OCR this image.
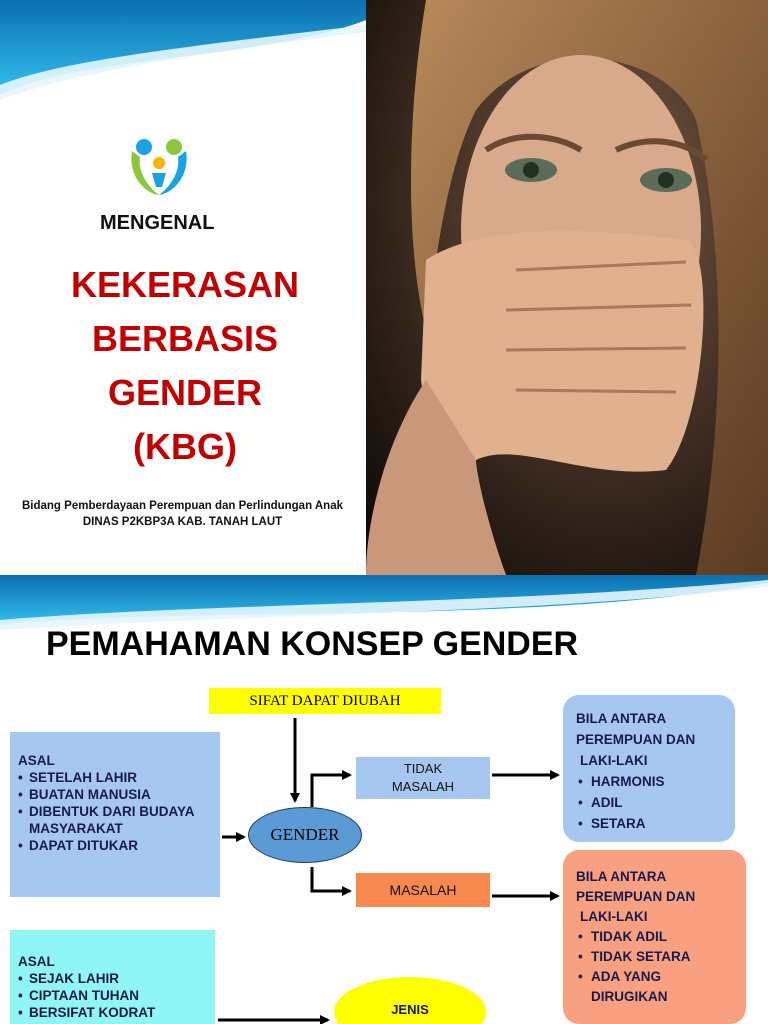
MENGENAL
KEKERASAN
BERBASIS
GENDER
(KBG)
Bidang Pemberdayaan Perempuan dan Perlindungan Anak
DINAS P2KBP3A KAB. TANAH LAUT
PEMAHAMAN KONSEP GENDER
SIFAT DAPAT DIUBAH
ASAL
• SETELAH LAHIR
• BUATAN MANUSIA
• DIBENTUK DARI BUDAYA MASYARAKAT
• DAPAT DITUKAR
GENDER
TIDAK
MASALAH
MASALAH
BILA ANTARA
PEREMPUAN DAN
LAKI-LAKI
• HARMONIS
• ADIL
• SETARA
BILA ANTARA
PEREMPUAN DAN
LAKI-LAKI
• TIDAK ADIL
• TIDAK SETARA
• ADA YANG DIRUGIKAN
ASAL
• SEJAK LAHIR
• CIPTAAN TUHAN
• BERSIFAT KODRAT	JENIS
